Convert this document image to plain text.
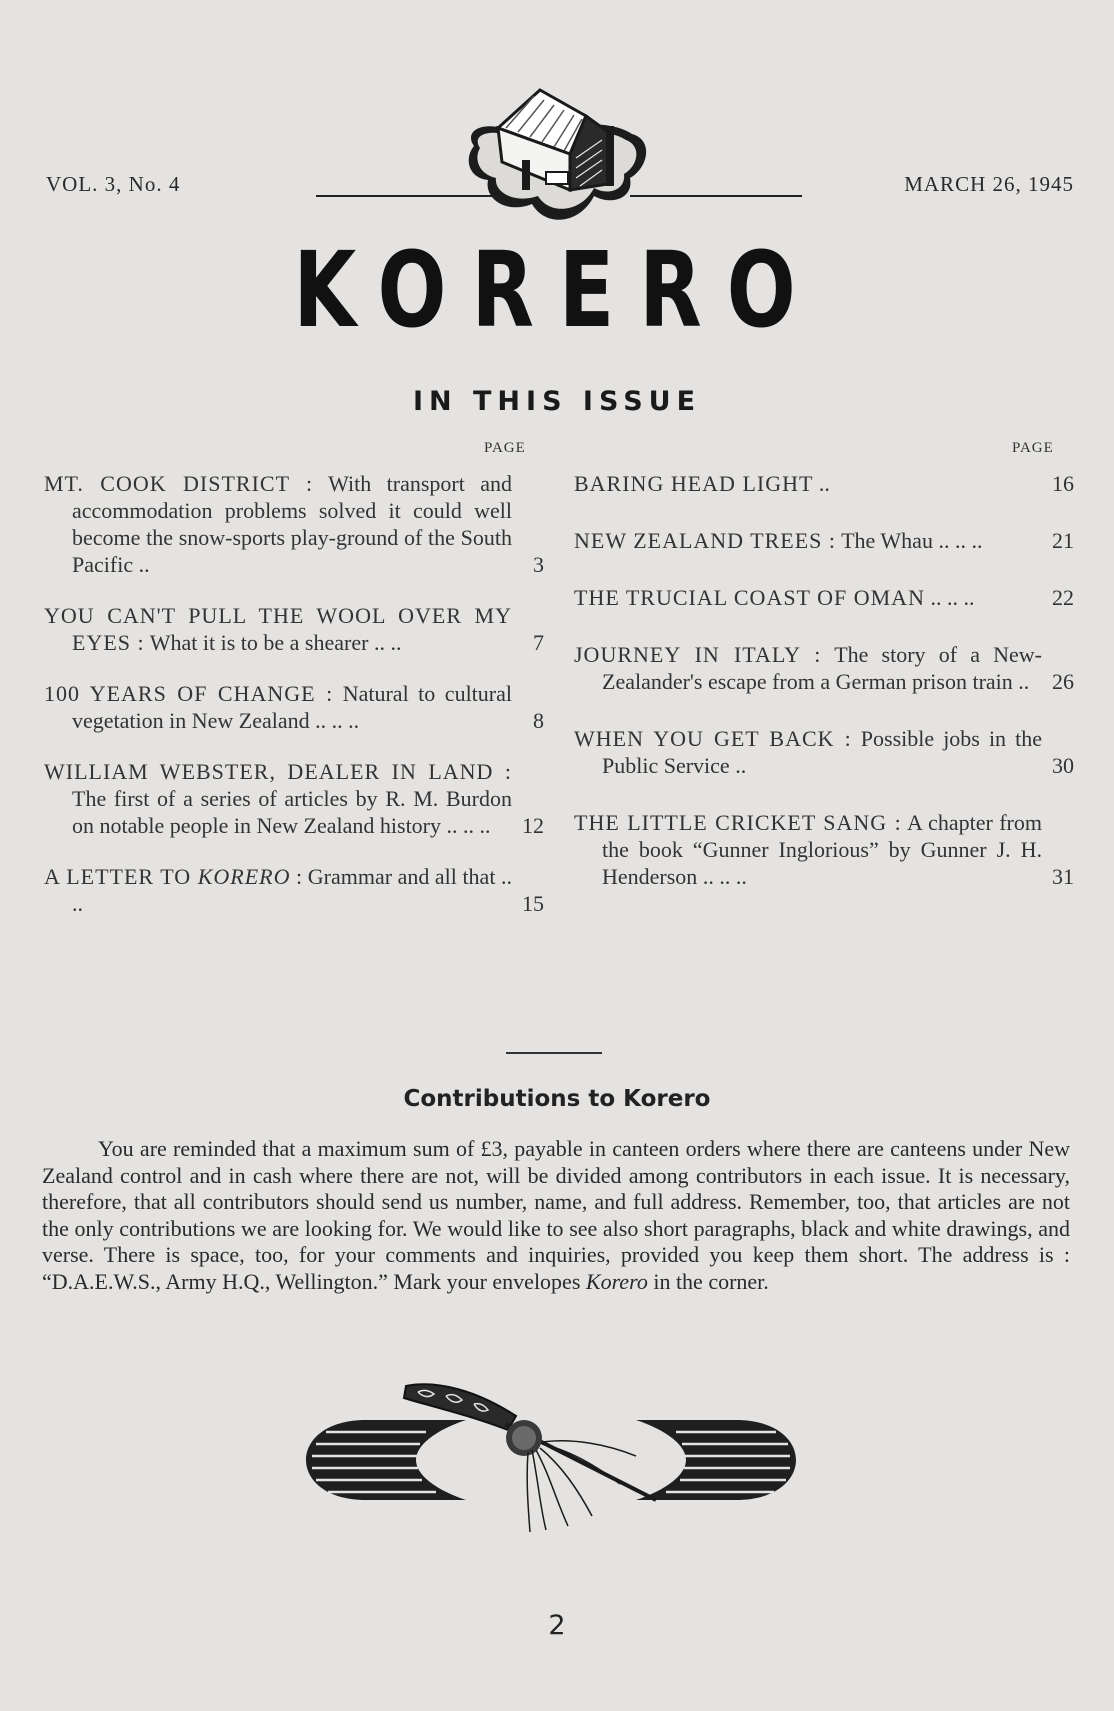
VOL. 3, No. 4	MARCH 26, 1945
KORERO
IN THIS ISSUE
PAGE	PAGE
MT. COOK DISTRICT : With transport and accommodation problems solved it could well become the snow-sports play-ground of the South Pacific ..	3
YOU CAN'T PULL THE WOOL OVER MY EYES : What it is to be a shearer .. ..	7
100 YEARS OF CHANGE : Natural to cultural vegetation in New Zealand .. .. ..	8
WILLIAM WEBSTER, DEALER IN LAND : The first of a series of articles by R. M. Burdon on notable people in New Zealand history .. .. ..	12
A LETTER TO KORERO : Grammar and all that .. ..	15
BARING HEAD LIGHT ..	16
NEW ZEALAND TREES : The Whau .. .. ..	21
THE TRUCIAL COAST OF OMAN .. .. ..	22
JOURNEY IN ITALY : The story of a New-Zealander's escape from a German prison train ..	26
WHEN YOU GET BACK : Possible jobs in the Public Service ..	30
THE LITTLE CRICKET SANG : A chapter from the book “Gunner Inglorious” by Gunner J. H. Henderson .. .. ..	31
Contributions to Korero
You are reminded that a maximum sum of £3, payable in canteen orders where there are canteens under New Zealand control and in cash where there are not, will be divided among contributors in each issue. It is necessary, therefore, that all contributors should send us number, name, and full address. Remember, too, that articles are not the only contributions we are looking for. We would like to see also short paragraphs, black and white drawings, and verse. There is space, too, for your comments and inquiries, provided you keep them short. The address is : “D.A.E.W.S., Army H.Q., Wellington.” Mark your envelopes Korero in the corner.
2
